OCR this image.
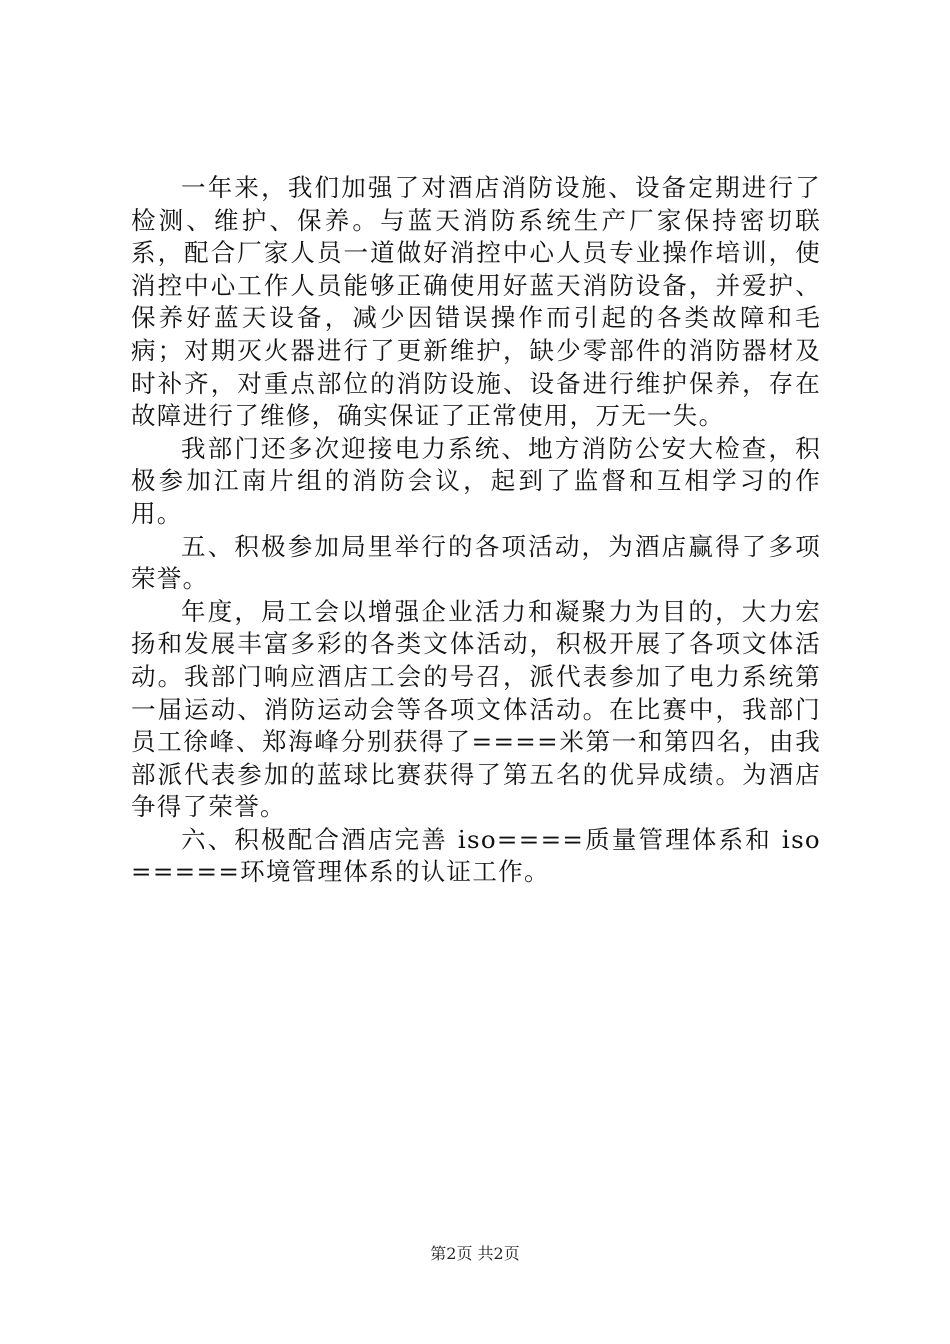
一年来，我们加强了对酒店消防设施、设备定期进行了检测、维护、保养。与蓝天消防系统生产厂家保持密切联系，配合厂家人员一道做好消控中心人员专业操作培训，使消控中心工作人员能够正确使用好蓝天消防设备，并爱护、保养好蓝天设备，减少因错误操作而引起的各类故障和毛病；对期灭火器进行了更新维护，缺少零部件的消防器材及时补齐，对重点部位的消防设施、设备进行维护保养，存在故障进行了维修，确实保证了正常使用，万无一失。

我部门还多次迎接电力系统、地方消防公安大检查，积极参加江南片组的消防会议，起到了监督和互相学习的作用。

五、积极参加局里举行的各项活动，为酒店赢得了多项荣誉。

年度，局工会以增强企业活力和凝聚力为目的，大力宏扬和发展丰富多彩的各类文体活动，积极开展了各项文体活动。我部门响应酒店工会的号召，派代表参加了电力系统第一届运动、消防运动会等各项文体活动。在比赛中，我部门员工徐峰、郑海峰分别获得了====米第一和第四名，由我部派代表参加的蓝球比赛获得了第五名的优异成绩。为酒店争得了荣誉。

六、积极配合酒店完善 iso====质量管理体系和 iso=====环境管理体系的认证工作。

第2页 共2页
